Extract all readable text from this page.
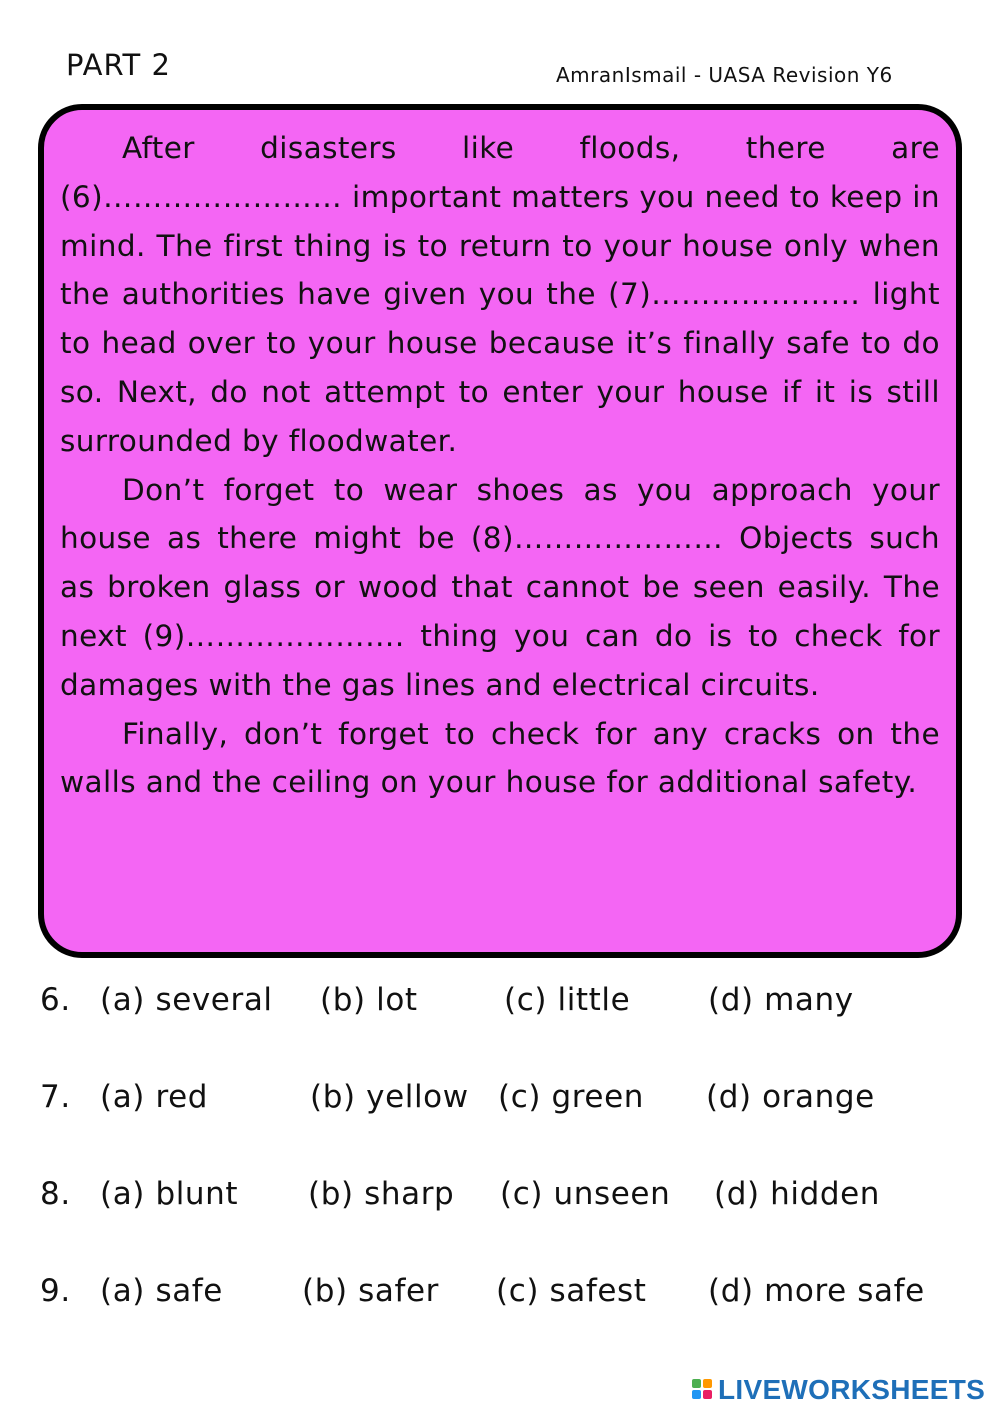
PART 2	AmranIsmail - UASA Revision Y6

After disasters like floods, there are (6)…………………… important matters you need to keep in mind. The first thing is to return to your house only when the authorities have given you the (7)………………… light to head over to your house because it’s finally safe to do so. Next, do not attempt to enter your house if it is still surrounded by floodwater.

Don’t forget to wear shoes as you approach your house as there might be (8)………………… Objects such as broken glass or wood that cannot be seen easily. The next (9)…………………. thing you can do is to check for damages with the gas lines and electrical circuits.

Finally, don’t forget to check for any cracks on the walls and the ceiling on your house for additional safety.

6. (a) several (b) lot	(c) little	(d) many
7. (a) red	(b) yellow (c) green (d) orange
8. (a) blunt (b) sharp (c) unseen (d) hidden
9. (a) safe	(b) safer (c) safest (d) more safe
LIVEWORKSHEETS
